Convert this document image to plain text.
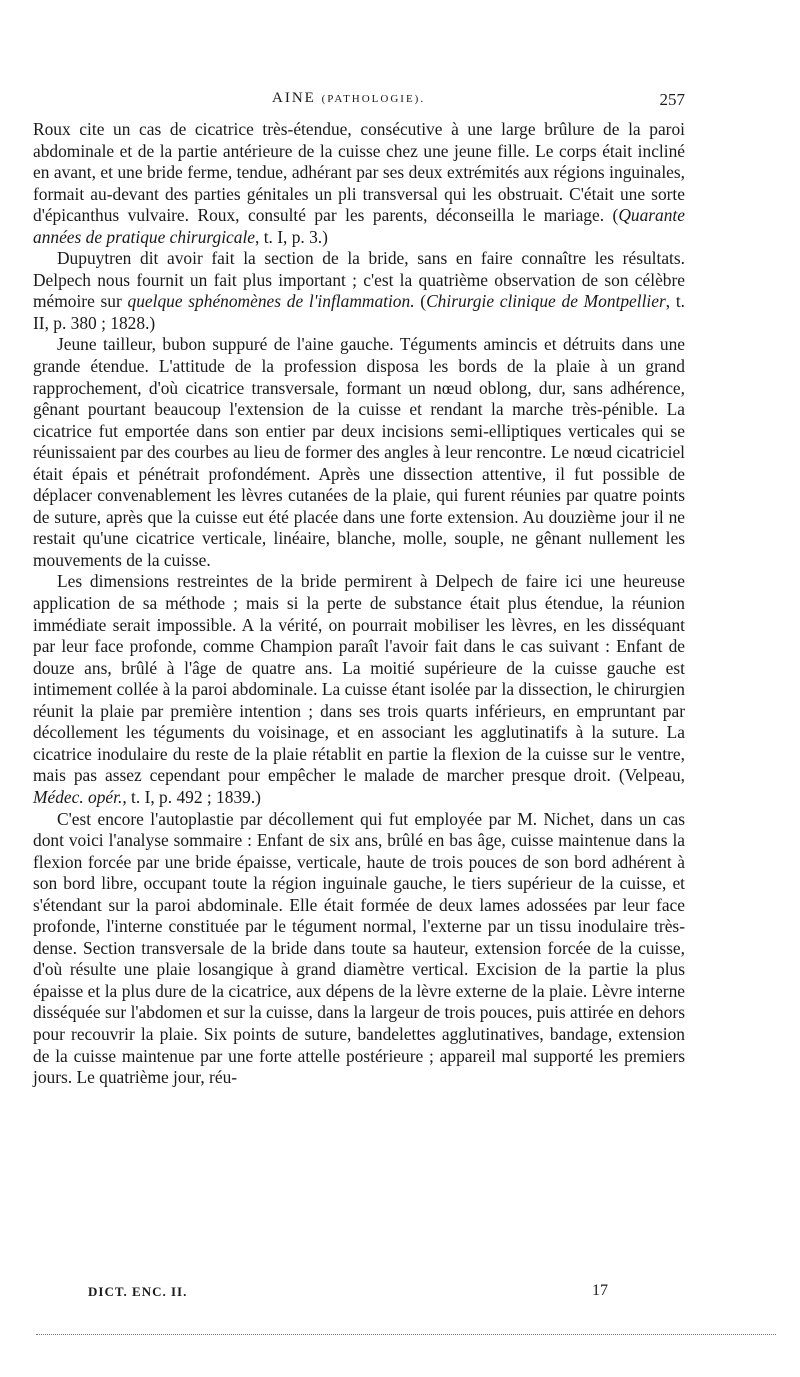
AINE (PATHOLOGIE).	257

Roux cite un cas de cicatrice très-étendue, consécutive à une large brûlure de la paroi abdominale et de la partie antérieure de la cuisse chez une jeune fille. Le corps était incliné en avant, et une bride ferme, tendue, adhérant par ses deux extrémités aux régions inguinales, formait au-devant des parties génitales un pli transversal qui les obstruait. C'était une sorte d'épicanthus vulvaire. Roux, consulté par les parents, déconseilla le mariage. (Quarante années de pratique chirurgicale, t. I, p. 3.)

Dupuytren dit avoir fait la section de la bride, sans en faire connaître les résultats. Delpech nous fournit un fait plus important ; c'est la quatrième observation de son célèbre mémoire sur quelque sphénomènes de l'inflammation. (Chirurgie clinique de Montpellier, t. II, p. 380 ; 1828.)

Jeune tailleur, bubon suppuré de l'aine gauche. Téguments amincis et détruits dans une grande étendue. L'attitude de la profession disposa les bords de la plaie à un grand rapprochement, d'où cicatrice transversale, formant un nœud oblong, dur, sans adhérence, gênant pourtant beaucoup l'extension de la cuisse et rendant la marche très-pénible. La cicatrice fut emportée dans son entier par deux incisions semi-elliptiques verticales qui se réunissaient par des courbes au lieu de former des angles à leur rencontre. Le nœud cicatriciel était épais et pénétrait profondément. Après une dissection attentive, il fut possible de déplacer convenablement les lèvres cutanées de la plaie, qui furent réunies par quatre points de suture, après que la cuisse eut été placée dans une forte extension. Au douzième jour il ne restait qu'une cicatrice verticale, linéaire, blanche, molle, souple, ne gênant nullement les mouvements de la cuisse.

Les dimensions restreintes de la bride permirent à Delpech de faire ici une heureuse application de sa méthode ; mais si la perte de substance était plus étendue, la réunion immédiate serait impossible. A la vérité, on pourrait mobiliser les lèvres, en les disséquant par leur face profonde, comme Champion paraît l'avoir fait dans le cas suivant : Enfant de douze ans, brûlé à l'âge de quatre ans. La moitié supérieure de la cuisse gauche est intimement collée à la paroi abdominale. La cuisse étant isolée par la dissection, le chirurgien réunit la plaie par première intention ; dans ses trois quarts inférieurs, en empruntant par décollement les téguments du voisinage, et en associant les agglutinatifs à la suture. La cicatrice inodulaire du reste de la plaie rétablit en partie la flexion de la cuisse sur le ventre, mais pas assez cependant pour empêcher le malade de marcher presque droit. (Velpeau, Médec. opér., t. I, p. 492 ; 1839.)

C'est encore l'autoplastie par décollement qui fut employée par M. Nichet, dans un cas dont voici l'analyse sommaire : Enfant de six ans, brûlé en bas âge, cuisse maintenue dans la flexion forcée par une bride épaisse, verticale, haute de trois pouces de son bord adhérent à son bord libre, occupant toute la région inguinale gauche, le tiers supérieur de la cuisse, et s'étendant sur la paroi abdominale. Elle était formée de deux lames adossées par leur face profonde, l'interne constituée par le tégument normal, l'externe par un tissu inodulaire très-dense. Section transversale de la bride dans toute sa hauteur, extension forcée de la cuisse, d'où résulte une plaie losangique à grand diamètre vertical. Excision de la partie la plus épaisse et la plus dure de la cicatrice, aux dépens de la lèvre externe de la plaie. Lèvre interne disséquée sur l'abdomen et sur la cuisse, dans la largeur de trois pouces, puis attirée en dehors pour recouvrir la plaie. Six points de suture, bandelettes agglutinatives, bandage, extension de la cuisse maintenue par une forte attelle postérieure ; appareil mal supporté les premiers jours. Le quatrième jour, réu-

DICT. ENC. II.	17
